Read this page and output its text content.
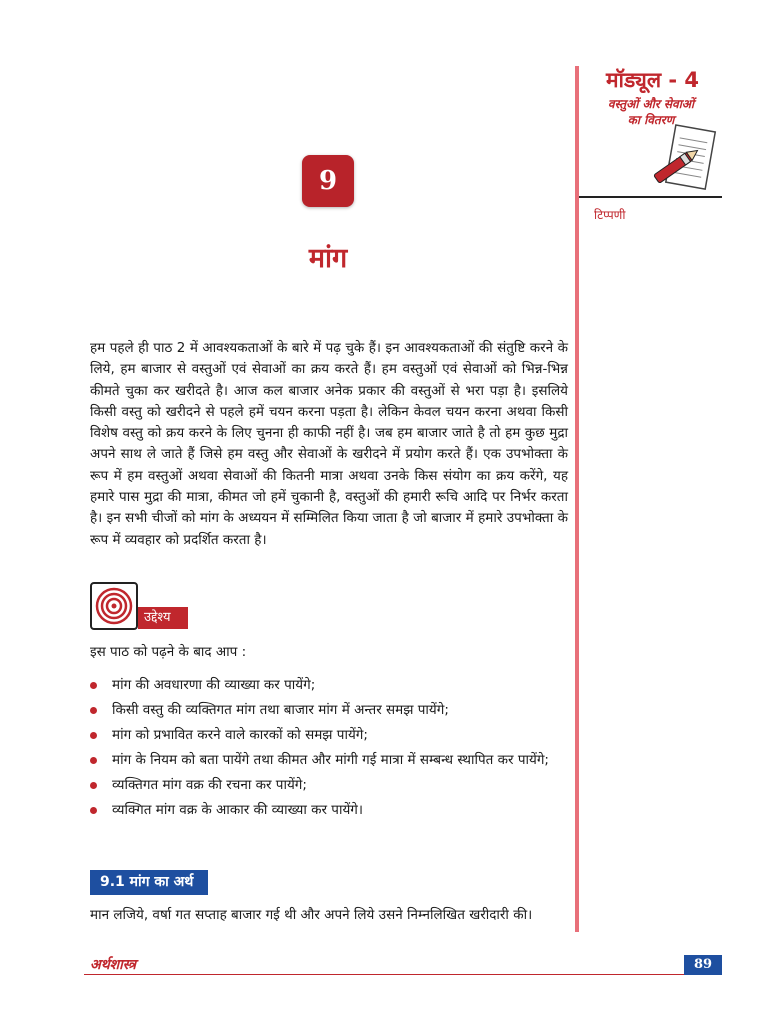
मॉड्यूल - 4
वस्तुओं और सेवाओं
का वितरण
टिप्पणी
9
मांग
हम पहले ही पाठ 2 में आवश्यकताओं के बारे में पढ़ चुके हैं। इन आवश्यकताओं की संतुष्टि करने के लिये, हम बाजार से वस्तुओं एवं सेवाओं का क्रय करते हैं। हम वस्तुओं एवं सेवाओं को भिन्न-भिन्न कीमते चुका कर खरीदते है। आज कल बाजार अनेक प्रकार की वस्तुओं से भरा पड़ा है। इसलिये किसी वस्तु को खरीदने से पहले हमें चयन करना पड़ता है। लेकिन केवल चयन करना अथवा किसी विशेष वस्तु को क्रय करने के लिए चुनना ही काफी नहीं है। जब हम बाजार जाते है तो हम कुछ मुद्रा अपने साथ ले जाते हैं जिसे हम वस्तु और सेवाओं के खरीदने में प्रयोग करते हैं। एक उपभोक्ता के रूप में हम वस्तुओं अथवा सेवाओं की कितनी मात्रा अथवा उनके किस संयोग का क्रय करेंगे, यह हमारे पास मुद्रा की मात्रा, कीमत जो हमें चुकानी है, वस्तुओं की हमारी रूचि आदि पर निर्भर करता है। इन सभी चीजों को मांग के अध्ययन में सम्मिलित किया जाता है जो बाजार में हमारे उपभोक्ता के रूप में व्यवहार को प्रदर्शित करता है।
उद्देश्य
इस पाठ को पढ़ने के बाद आप :
मांग की अवधारणा की व्याख्या कर पायेंगे;
किसी वस्तु की व्यक्तिगत मांग तथा बाजार मांग में अन्तर समझ पायेंगे;
मांग को प्रभावित करने वाले कारकों को समझ पायेंगे;
मांग के नियम को बता पायेंगे तथा कीमत और मांगी गई मात्रा में सम्बन्ध स्थापित कर पायेंगे;
व्यक्तिगत मांग वक्र की रचना कर पायेंगे;
व्यक्गित मांग वक्र के आकार की व्याख्या कर पायेंगे।
9.1 मांग का अर्थ
मान लजिये, वर्षा गत सप्ताह बाजार गई थी और अपने लिये उसने निम्नलिखित खरीदारी की।
अर्थशास्त्र	89
